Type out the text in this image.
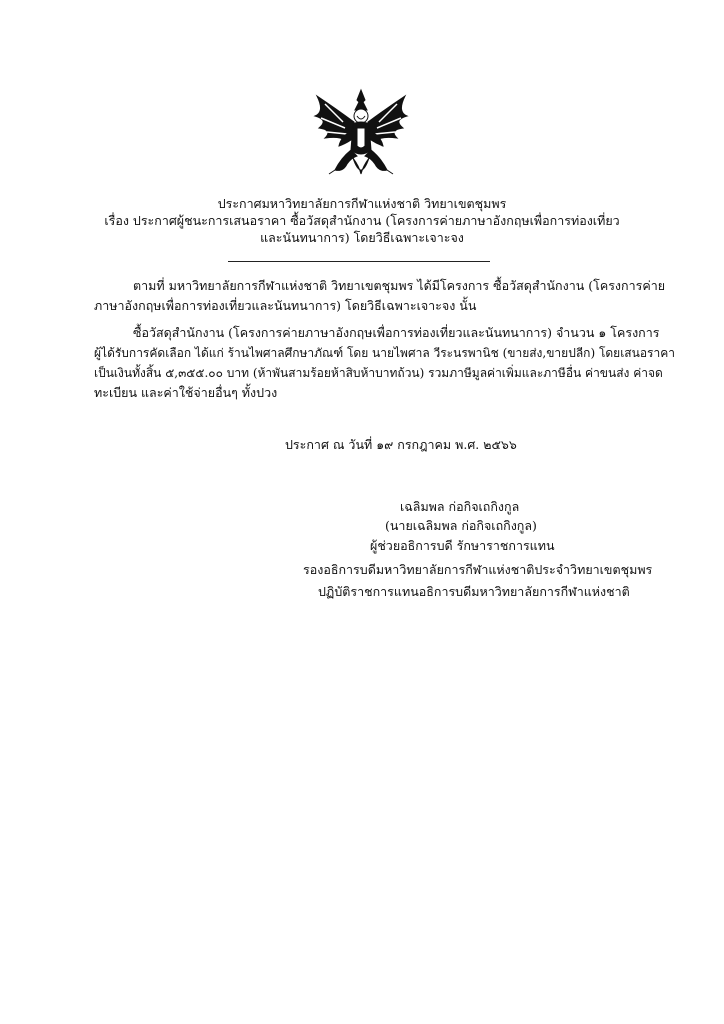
ประกาศมหาวิทยาลัยการกีฬาแห่งชาติ วิทยาเขตชุมพร
เรื่อง ประกาศผู้ชนะการเสนอราคา ซื้อวัสดุสำนักงาน (โครงการค่ายภาษาอังกฤษเพื่อการท่องเที่ยว
และนันทนาการ) โดยวิธีเฉพาะเจาะจง
ตามที่ มหาวิทยาลัยการกีฬาแห่งชาติ วิทยาเขตชุมพร ได้มีโครงการ ซื้อวัสดุสำนักงาน (โครงการค่าย
ภาษาอังกฤษเพื่อการท่องเที่ยวและนันทนาการ) โดยวิธีเฉพาะเจาะจง นั้น
ซื้อวัสดุสำนักงาน (โครงการค่ายภาษาอังกฤษเพื่อการท่องเที่ยวและนันทนาการ) จำนวน ๑ โครงการ
ผู้ได้รับการคัดเลือก ได้แก่ ร้านไพศาลศึกษาภัณฑ์ โดย นายไพศาล วีระนรพานิช (ขายส่ง,ขายปลีก) โดยเสนอราคา
เป็นเงินทั้งสิ้น ๕,๓๕๕.๐๐ บาท (ห้าพันสามร้อยห้าสิบห้าบาทถ้วน) รวมภาษีมูลค่าเพิ่มและภาษีอื่น ค่าขนส่ง ค่าจด
ทะเบียน และค่าใช้จ่ายอื่นๆ ทั้งปวง
ประกาศ ณ วันที่ ๑๙ กรกฎาคม พ.ศ. ๒๕๖๖
เฉลิมพล ก่อกิจเถกิงกูล
(นายเฉลิมพล ก่อกิจเถกิงกูล)
ผู้ช่วยอธิการบดี รักษาราชการแทน
รองอธิการบดีมหาวิทยาลัยการกีฬาแห่งชาติประจำวิทยาเขตชุมพร
ปฏิบัติราชการแทนอธิการบดีมหาวิทยาลัยการกีฬาแห่งชาติ
